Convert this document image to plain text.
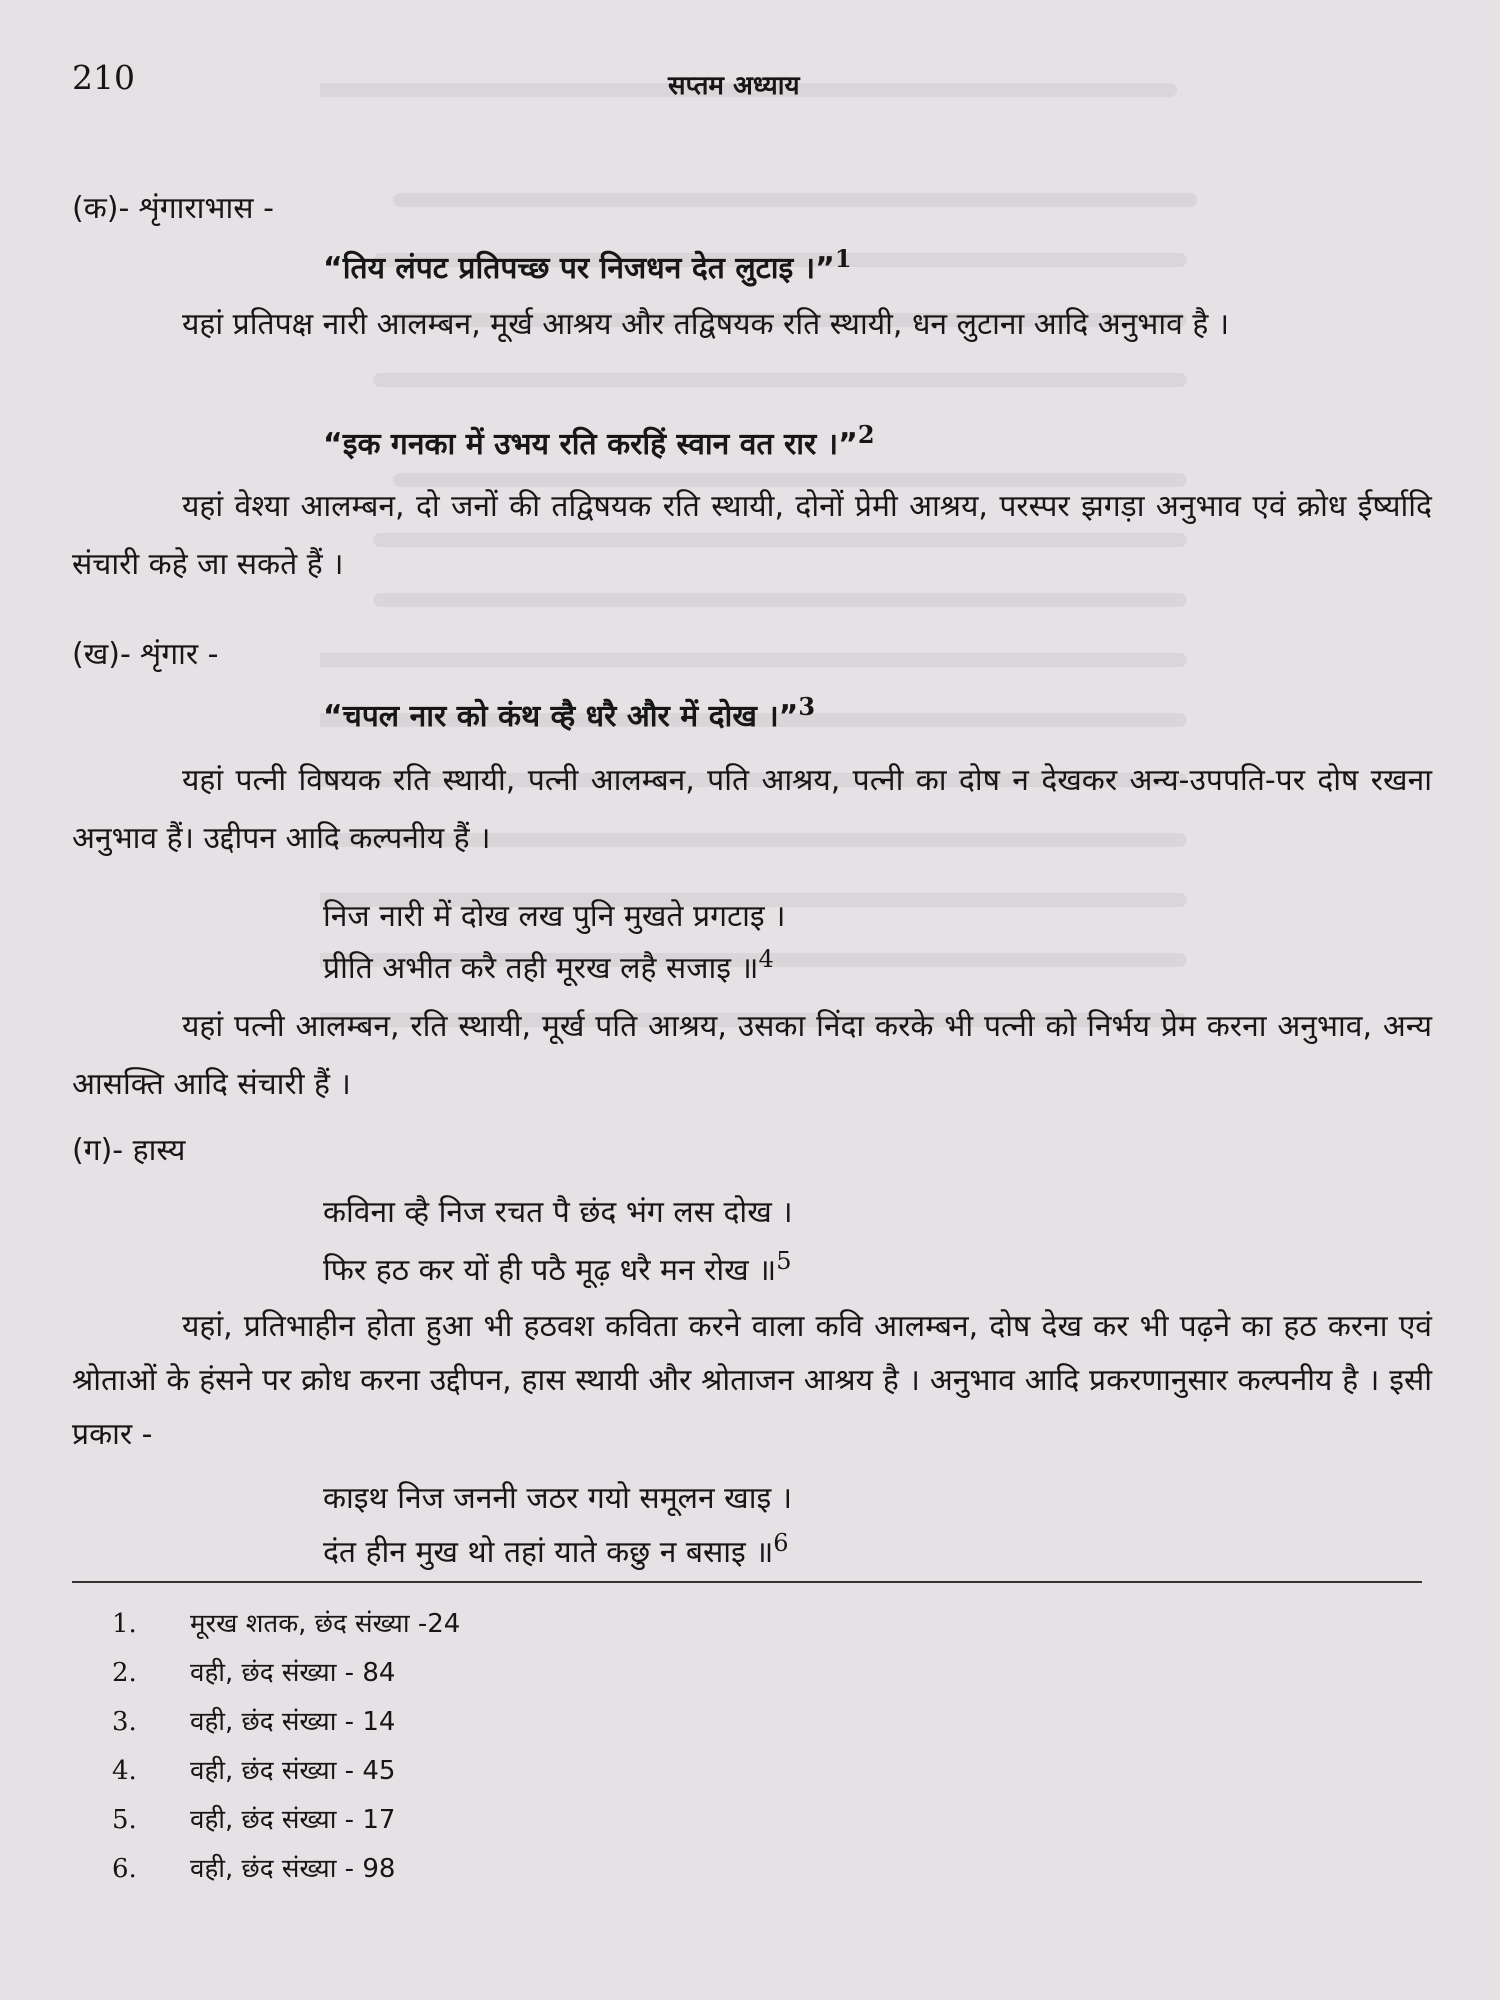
210	सप्तम अध्याय
(क)- शृंगाराभास -
“तिय लंपट प्रतिपच्छ पर निजधन देत लुटाइ ।”$^1$
यहां प्रतिपक्ष नारी आलम्बन, मूर्ख आश्रय और तद्विषयक रति स्थायी, धन लुटाना आदि अनुभाव है ।
“इक गनका में उभय रति करहिं स्वान वत रार ।”$^2$
यहां वेश्या आलम्बन, दो जनों की तद्विषयक रति स्थायी, दोनों प्रेमी आश्रय, परस्पर झगड़ा अनुभाव एवं क्रोध ईर्ष्यादि संचारी कहे जा सकते हैं ।
(ख)- शृंगार -
“चपल नार को कंथ व्है धरै और में दोख ।”$^3$
यहां पत्नी विषयक रति स्थायी, पत्नी आलम्बन, पति आश्रय, पत्नी का दोष न देखकर अन्य-उपपति-पर दोष रखना अनुभाव हैं। उद्दीपन आदि कल्पनीय हैं ।
निज नारी में दोख लख पुनि मुखते प्रगटाइ ।
प्रीति अभीत करै तही मूरख लहै सजाइ ॥$^4$
यहां पत्नी आलम्बन, रति स्थायी, मूर्ख पति आश्रय, उसका निंदा करके भी पत्नी को निर्भय प्रेम करना अनुभाव, अन्य आसक्ति आदि संचारी हैं ।
(ग)- हास्य
कविना व्है निज रचत पै छंद भंग लस दोख ।
फिर हठ कर यों ही पठै मूढ़ धरै मन रोख ॥$^5$
यहां, प्रतिभाहीन होता हुआ भी हठवश कविता करने वाला कवि आलम्बन, दोष देख कर भी पढ़ने का हठ करना एवं श्रोताओं के हंसने पर क्रोध करना उद्दीपन, हास स्थायी और श्रोताजन आश्रय है । अनुभाव आदि प्रकरणानुसार कल्पनीय है । इसी प्रकार -
काइथ निज जननी जठर गयो समूलन खाइ ।
दंत हीन मुख थो तहां याते कछु न बसाइ ॥$^6$
1. मूरख शतक, छंद संख्या -24
2. वही, छंद संख्या - 84
3. वही, छंद संख्या - 14
4. वही, छंद संख्या - 45
5. वही, छंद संख्या - 17
6. वही, छंद संख्या - 98
